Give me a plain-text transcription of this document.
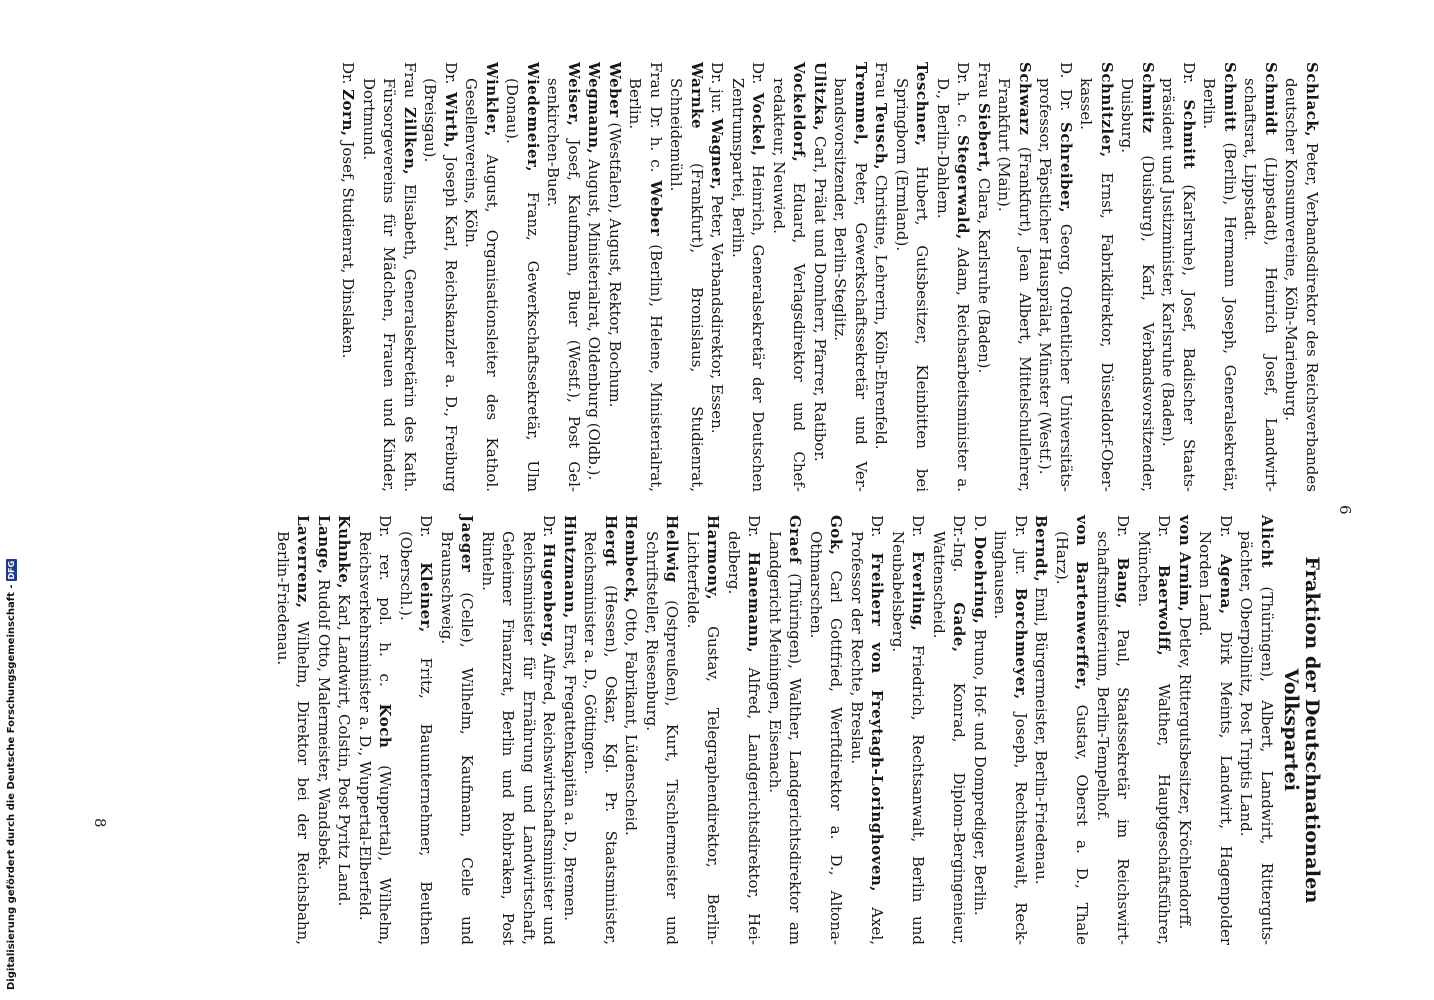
6

Schlack, Peter, Verbandsdirektor des Reichsverbandes deutscher Konsumvereine, Köln-Marienburg.

Schmidt (Lippstadt), Heinrich Josef, Landwirtschaftsrat, Lippstadt.

Schmitt (Berlin), Hermann Joseph, Generalsekretär, Berlin.

Dr. Schmitt (Karlsruhe), Josef, Badischer Staatspräsident und Justizminister, Karlsruhe (Baden).

Schmitz (Duisburg), Karl, Verbandsvorsitzender, Duisburg.

Schnitzler, Ernst, Fabrikdirektor, Düsseldorf-Oberkassel.

D. Dr. Schreiber, Georg, Ordentlicher Universitätsprofessor, Päpstlicher Hausprälat, Münster (Westf.).

Schwarz (Frankfurt), Jean Albert, Mittelschullehrer, Frankfurt (Main).

Frau Siebert, Clara, Karlsruhe (Baden).

Dr. h. c. Stegerwald, Adam, Reichsarbeitsminister a. D., Berlin-Dahlem.

Teschner, Hubert, Gutsbesitzer, Kleinbitten bei Springborn (Ermland).

Frau Teusch, Christine, Lehrerin, Köln-Ehrenfeld.

Tremmel, Peter, Gewerkschaftssekretär und Verbandsvorsitzender, Berlin-Steglitz.

Ulitzka, Carl, Prälat und Domherr, Pfarrer, Ratibor.

Vockeldorf, Eduard, Verlagsdirektor und Chefredakteur, Neuwied.

Dr. Vockel, Heinrich, Generalsekretär der Deutschen Zentrumspartei, Berlin.

Dr. jur. Wagner, Peter, Verbandsdirektor, Essen.

Warnke (Frankfurt), Bronislaus, Studienrat, Schneidemühl.

Frau Dr. h. c. Weber (Berlin), Helene, Ministerialrat, Berlin.

Weber (Westfalen), August, Rektor, Bochum.

Wegmann, August, Ministerialrat, Oldenburg (Oldb.).

Weiser, Josef, Kaufmann, Buer (Westf.), Post Gelsenkirchen-Buer.

Wiedemeier, Franz, Gewerkschaftssekretär, Ulm (Donau).

Winkler, August, Organisationsleiter des Kathol. Gesellenvereins, Köln.

Dr. Wirth, Joseph Karl, Reichskanzler a. D., Freiburg (Breisgau).

Frau Zillken, Elisabeth, Generalsekretärin des Kath. Fürsorgevereins für Mädchen, Frauen und Kinder, Dortmund.

Dr. Zorn, Josef, Studienrat, Dinslaken.

Fraktion der Deutschnationalen Volkspartei

Alicht (Thüringen), Albert, Landwirt, Rittergutspächter, Oberpöllnitz, Post Triptis Land.

Dr. Agena, Dirk Meints, Landwirt, Hagenpolder Norden Land.

von Arnim, Detlev, Rittergutsbesitzer, Kröchlendorff.

Dr. Baerwolff, Walther, Hauptgeschäftsführer, München.

Dr. Bang, Paul, Staatssekretär im Reichswirtschaftsministerium, Berlin-Tempelhof.

von Bartenwerffer, Gustav, Oberst a. D., Thale (Harz).

Berndt, Emil, Bürgermeister, Berlin-Friedenau.

Dr. jur. Borchmeyer, Joseph, Rechtsanwalt, Recklinghausen.

D. Doehring, Bruno, Hof- und Domprediger, Berlin.

Dr.-Ing. Gade, Konrad, Diplom-Bergingenieur, Wattenscheid.

Dr. Everling, Friedrich, Rechtsanwalt, Berlin und Neubabelsberg.

Dr. Freiherr von Freytagh-Loringhoven, Axel, Professor der Rechte, Breslau.

Gok, Carl Gottfried, Werftdirektor a. D., Altona-Othmarschen.

Graef (Thüringen), Walther, Landgerichtsdirektor am Landgericht Meiningen, Eisenach.

Dr. Hanemann, Alfred, Landgerichtsdirektor, Heidelberg.

Harmony, Gustav, Telegraphendirektor, Berlin-Lichterfelde.

Hellwig (Ostpreußen), Kurt, Tischlermeister und Schriftsteller, Riesenburg.

Hembeck, Otto, Fabrikant, Lüdenscheid.

Hergt (Hessen), Oskar, Kgl. Pr. Staatsminister, Reichsminister a. D., Göttingen.

Hintzmann, Ernst, Fregattenkapitän a. D., Bremen.

Dr. Hugenberg, Alfred, Reichswirtschaftsminister und Reichsminister für Ernährung und Landwirtschaft, Geheimer Finanzrat, Berlin und Rohbraken, Post Rinteln.

Jaeger (Celle), Wilhelm, Kaufmann, Celle und Braunschweig.

Dr. Kleiner, Fritz, Bauunternehmer, Beuthen (Oberschl.).

Dr. rer. pol. h. c. Koch (Wuppertal), Wilhelm, Reichsverkehrsminister a. D., Wuppertal-Elberfeld.

Kuhnke, Karl, Landwirt, Colstin, Post Pyritz Land.

Lange, Rudolf Otto, Malermeister, Wandsbek.

Laverrenz, Wilhelm, Direktor bei der Reichsbahn, Berlin-Friedenau.

8
Digitalisierung gefördert durch die Deutsche Forschungsgemeinschaft -
DFG
